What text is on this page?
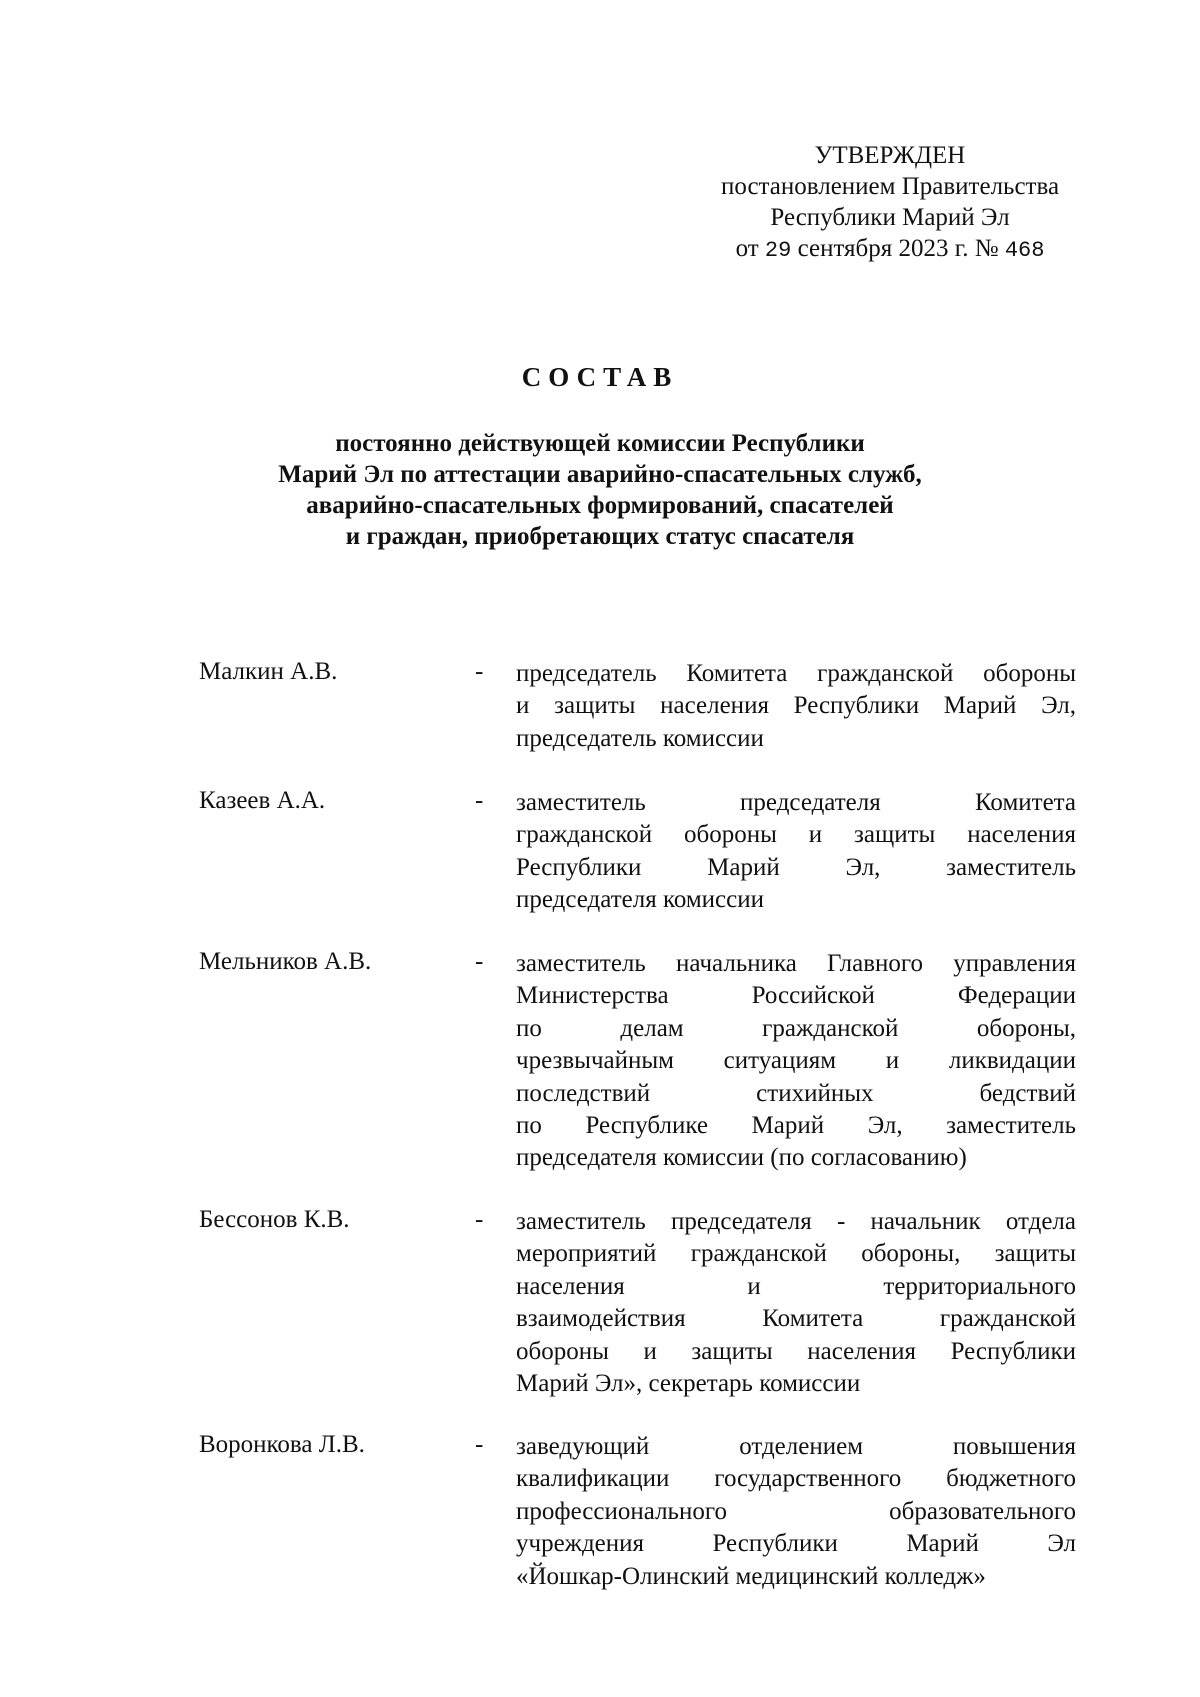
УТВЕРЖДЕН
постановлением Правительства
Республики Марий Эл
от 29 сентября 2023 г. № 468
СОСТАВ
постоянно действующей комиссии Республики
Марий Эл по аттестации аварийно-спасательных служб,
аварийно-спасательных формирований, спасателей
и граждан, приобретающих статус спасателя
Малкин А.В.	- председатель Комитета гражданской обороны
и защиты населения Республики Марий Эл,
председатель комиссии
Казеев А.А.	- заместитель председателя Комитета
гражданской обороны и защиты населения
Республики Марий Эл, заместитель
председателя комиссии
Мельников А.В.	- заместитель начальника Главного управления
Министерства Российской Федерации
по делам гражданской обороны,
чрезвычайным ситуациям и ликвидации
последствий стихийных бедствий
по Республике Марий Эл, заместитель
председателя комиссии (по согласованию)
Бессонов К.В.	- заместитель председателя - начальник отдела
мероприятий гражданской обороны, защиты
населения и территориального
взаимодействия Комитета гражданской
обороны и защиты населения Республики
Марий Эл», секретарь комиссии
Воронкова Л.В.	- заведующий отделением повышения
квалификации государственного бюджетного
профессионального образовательного
учреждения Республики Марий Эл
«Йошкар-Олинский медицинский колледж»
